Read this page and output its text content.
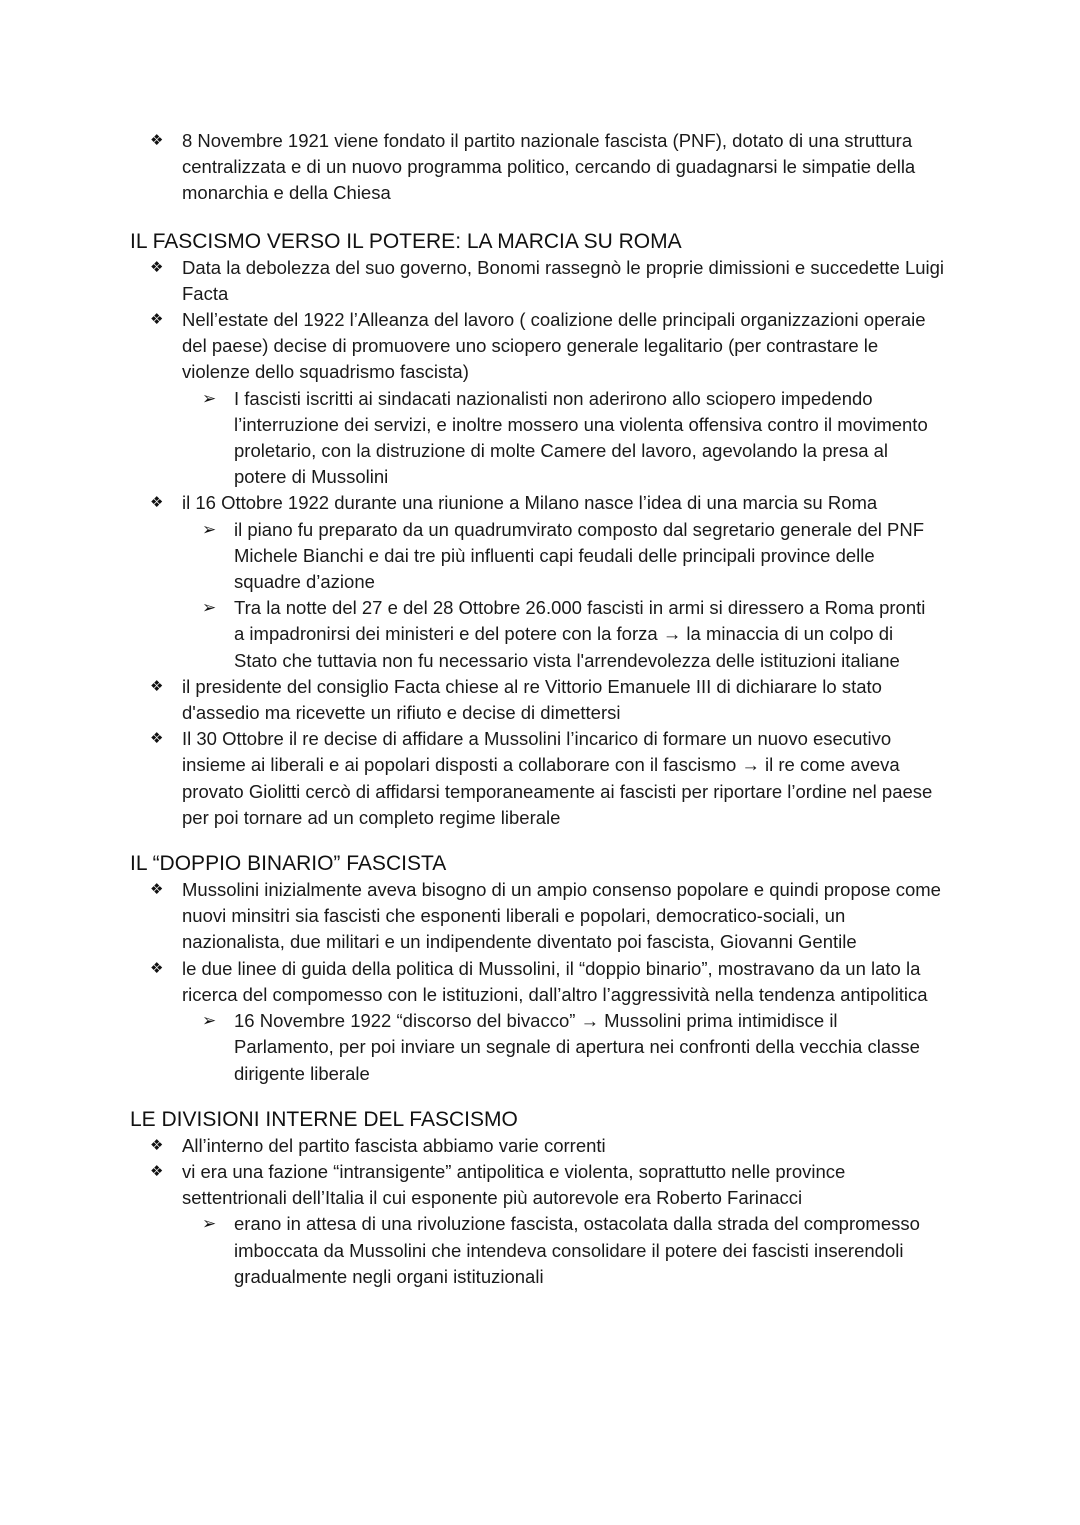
❖ 8 Novembre 1921 viene fondato il partito nazionale fascista (PNF), dotato di una struttura centralizzata e di un nuovo programma politico, cercando di guadagnarsi le simpatie della monarchia e della Chiesa
IL FASCISMO VERSO IL POTERE: LA MARCIA SU ROMA
❖ Data la debolezza del suo governo, Bonomi rassegnò le proprie dimissioni e succedette Luigi Facta
❖ Nell’estate del 1922 l’Alleanza del lavoro ( coalizione delle principali organizzazioni operaie del paese) decise di promuovere uno sciopero generale legalitario (per contrastare le violenze dello squadrismo fascista)
➢ I fascisti iscritti ai sindacati nazionalisti non aderirono allo sciopero impedendo l’interruzione dei servizi, e inoltre mossero una violenta offensiva contro il movimento proletario, con la distruzione di molte Camere del lavoro, agevolando la presa al potere di Mussolini
❖ il 16 Ottobre 1922 durante una riunione a Milano nasce l’idea di una marcia su Roma
➢ il piano fu preparato da un quadrumvirato composto dal segretario generale del PNF Michele Bianchi e dai tre più influenti capi feudali delle principali province delle squadre d’azione
➢ Tra la notte del 27 e del 28 Ottobre 26.000 fascisti in armi si diressero a Roma pronti a impadronirsi dei ministeri e del potere con la forza → la minaccia di un colpo di Stato che tuttavia non fu necessario vista l'arrendevolezza delle istituzioni italiane
❖ il presidente del consiglio Facta chiese al re Vittorio Emanuele III di dichiarare lo stato d'assedio ma ricevette un rifiuto e decise di dimettersi
❖ Il 30 Ottobre il re decise di affidare a Mussolini l’incarico di formare un nuovo esecutivo insieme ai liberali e ai popolari disposti a collaborare con il fascismo → il re come aveva provato Giolitti cercò di affidarsi temporaneamente ai fascisti per riportare l’ordine nel paese per poi tornare ad un completo regime liberale
IL “DOPPIO BINARIO” FASCISTA
❖ Mussolini inizialmente aveva bisogno di un ampio consenso popolare e quindi propose come nuovi minsitri sia fascisti che esponenti liberali e popolari, democratico-sociali, un nazionalista, due militari e un indipendente diventato poi fascista, Giovanni Gentile
❖ le due linee di guida della politica di Mussolini, il “doppio binario”, mostravano da un lato la ricerca del compomesso con le istituzioni, dall’altro l’aggressività nella tendenza antipolitica
➢ 16 Novembre 1922 “discorso del bivacco” → Mussolini prima intimidisce il Parlamento, per poi inviare un segnale di apertura nei confronti della vecchia classe dirigente liberale
LE DIVISIONI INTERNE DEL FASCISMO
❖ All’interno del partito fascista abbiamo varie correnti
❖ vi era una fazione “intransigente” antipolitica e violenta, soprattutto nelle province settentrionali dell’Italia il cui esponente più autorevole era Roberto Farinacci
➢ erano in attesa di una rivoluzione fascista, ostacolata dalla strada del compromesso imboccata da Mussolini che intendeva consolidare il potere dei fascisti inserendoli gradualmente negli organi istituzionali
